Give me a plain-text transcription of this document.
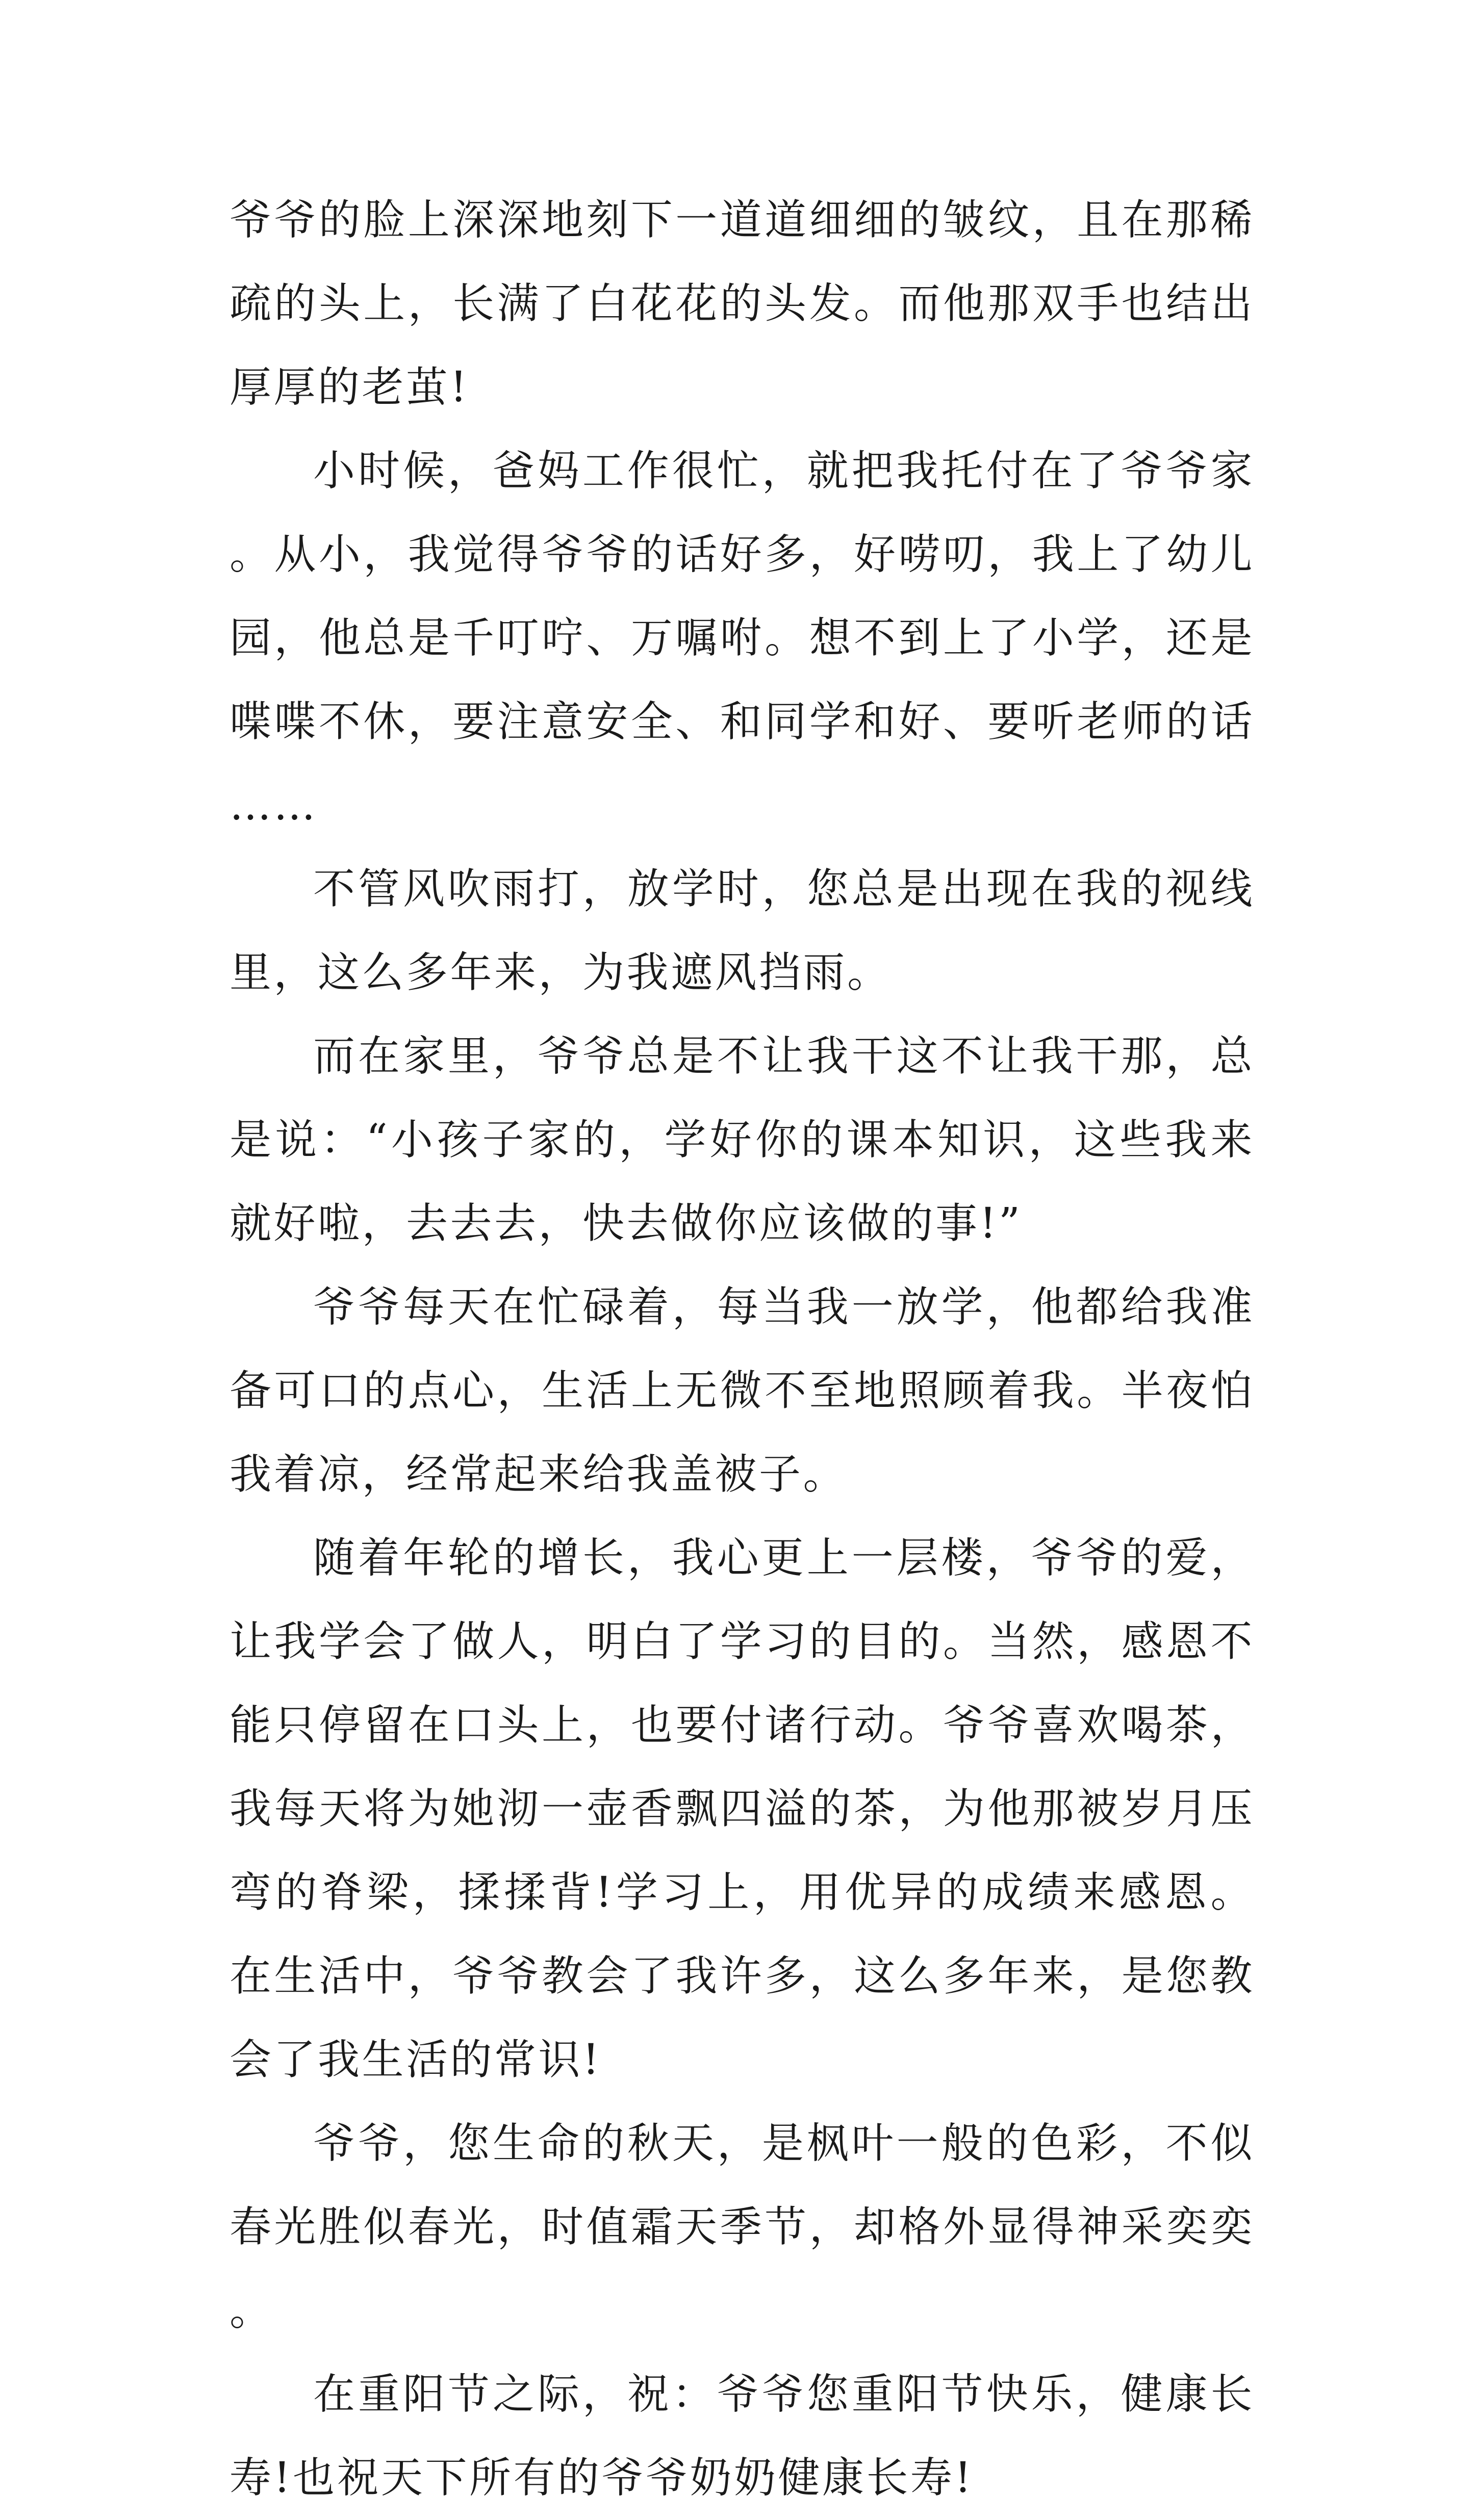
爷爷的脸上深深地刻下一道道细细的皱纹，且在那稀疏的头上，长满了白花花的头发。而他那双手也结出厚厚的老茧!

小时候，爸妈工作很忙，就把我托付在了爷爷家。从小，我觉得爷爷的话好多，好唠叨，我上了幼儿园，他总是千叮咛、万嘱咐。想不到上了小学，还是喋喋不休，要注意安全、和同学和好、要听老师的话……

不管风吹雨打，放学时，您总是出现在我的视线里，这么多年来，为我遮风挡雨。

而在家里，爷爷总是不让我干这不让我干那，总是说：“小孩子家的，学好你的课本知识，这些我来就好啦，去去去，快去做你应该做的事!”

爷爷每天在忙碌着，每当我一放学，他都给我准备可口的点心，生活上无微不至地照顾着我。半夜怕我着凉，经常起来给我盖被子。

随着年轮的增长，我心更上一层楼，爷爷的爱，让我学会了做人，明白了学习的目的。当然，感恩不能只停留在口头上，也要付诸行动。爷爷喜欢喝茶，我每天将为她沏一壶香飘四溢的茶，为他那被岁月压弯的脊梁，揉揉背!学习上，用优异的成绩来感恩。在生活中，爷爷教会了我许多，这么多年来，是您教会了我生活的常识!

爷爷，您生命的秋天，是枫叶一般的色彩，不似春光胜似春光，时值霜天季节，却格外显得神采奕奕。

在重阳节之际，祝：爷爷您重阳节快乐，健康长寿!也祝天下所有的爷爷奶奶健康长寿!
